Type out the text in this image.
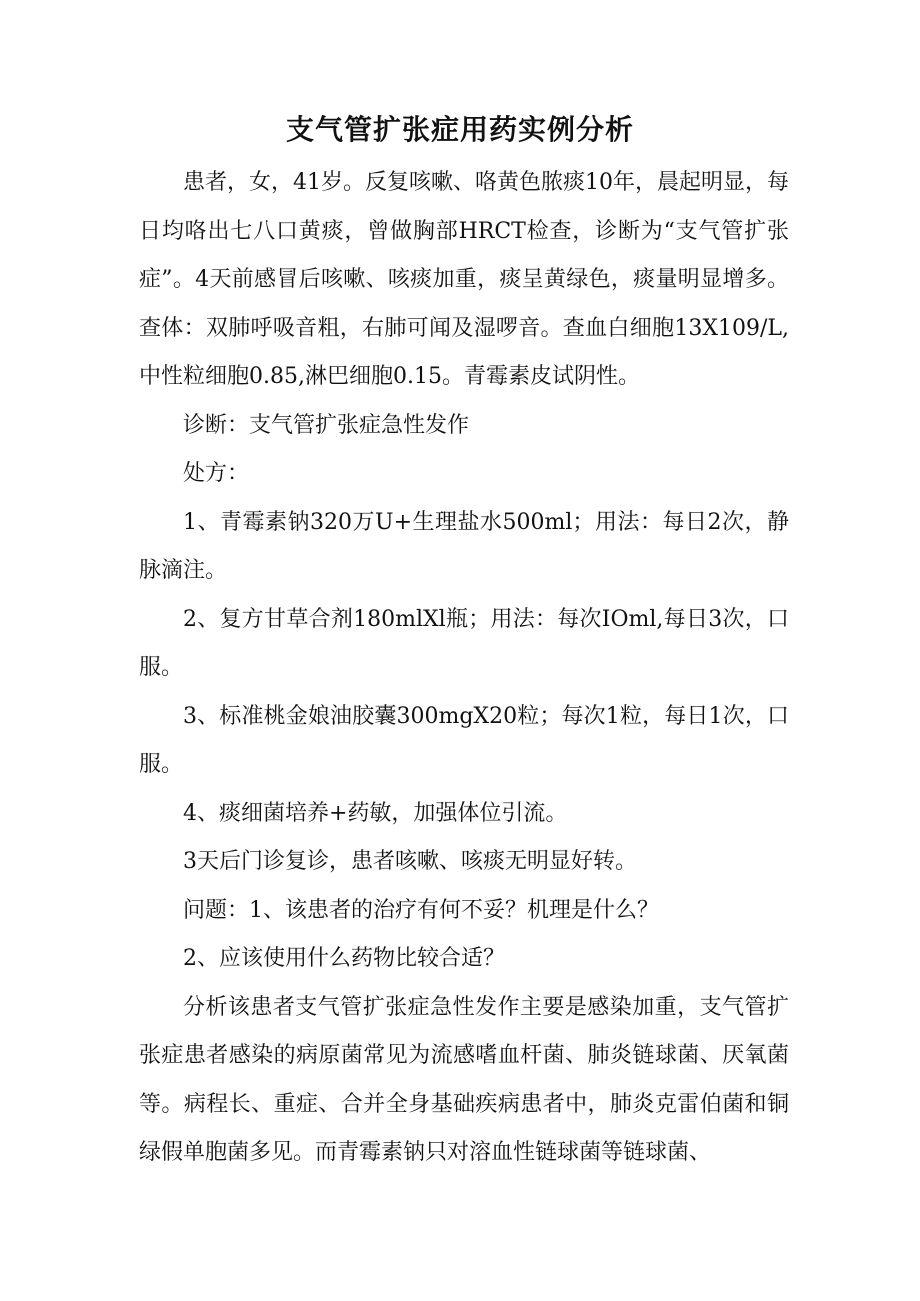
支气管扩张症用药实例分析

患者，女，41岁。反复咳嗽、咯黄色脓痰10年，晨起明显，每日均咯出七八口黄痰，曾做胸部HRCT检查，诊断为“支气管扩张症”。4天前感冒后咳嗽、咳痰加重，痰呈黄绿色，痰量明显增多。查体：双肺呼吸音粗，右肺可闻及湿啰音。查血白细胞13X109/L,中性粒细胞0.85,淋巴细胞0.15。青霉素皮试阴性。

诊断：支气管扩张症急性发作

处方：

1、青霉素钠320万U+生理盐水500ml；用法：每日2次，静脉滴注。

2、复方甘草合剂180mlXl瓶；用法：每次IOml,每日3次，口服。

3、标准桃金娘油胶囊300mgX20粒；每次1粒，每日1次，口服。

4、痰细菌培养+药敏，加强体位引流。

3天后门诊复诊，患者咳嗽、咳痰无明显好转。

问题：1、该患者的治疗有何不妥？机理是什么？

2、应该使用什么药物比较合适？

分析该患者支气管扩张症急性发作主要是感染加重，支气管扩张症患者感染的病原菌常见为流感嗜血杆菌、肺炎链球菌、厌氧菌等。病程长、重症、合并全身基础疾病患者中，肺炎克雷伯菌和铜绿假单胞菌多见。而青霉素钠只对溶血性链球菌等链球菌、
